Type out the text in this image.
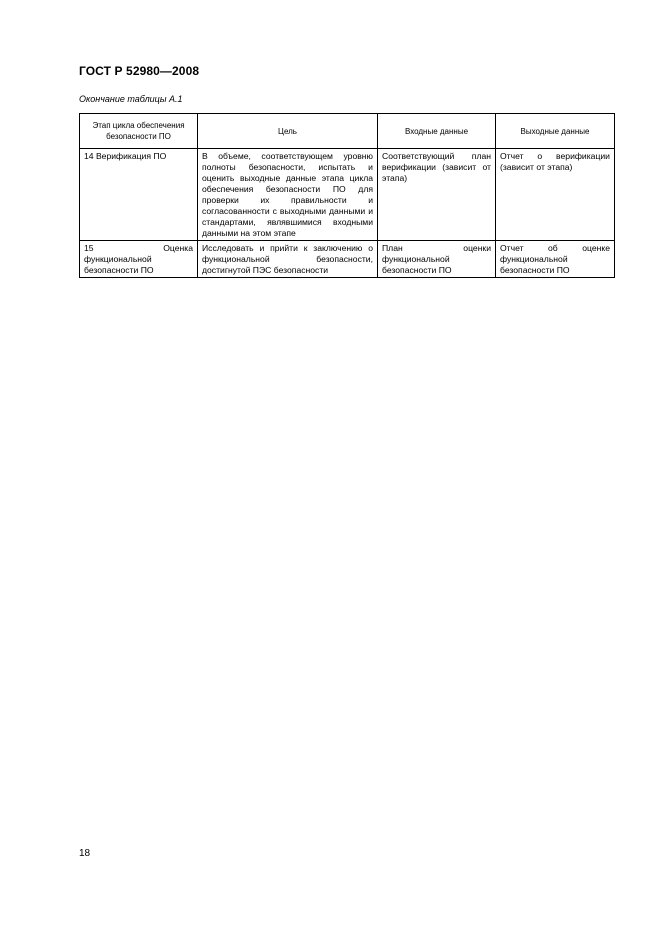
ГОСТ Р 52980—2008
Окончание таблицы А.1
Этап цикла обеспечения безопасности ПО	Цель	Входные данные	Выходные данные
14 Верификация ПО	В объеме, соответствующем уровню полноты безопасности, испытать и оценить выходные данные этапа цикла обеспечения безопасности ПО для проверки их правильности и согласованности с выходными данными и стандартами, являвшимися входными данными на этом этапе	Соответствующий план верификации (зависит от этапа)	Отчет о верификации (зависит от этапа)
15 Оценка функциональной безопасности ПО	Исследовать и прийти к заключению о функциональной безопасности, достигнутой ПЭС безопасности	План оценки функциональной безопасности ПО	Отчет об оценке функциональной безопасности ПО
18
